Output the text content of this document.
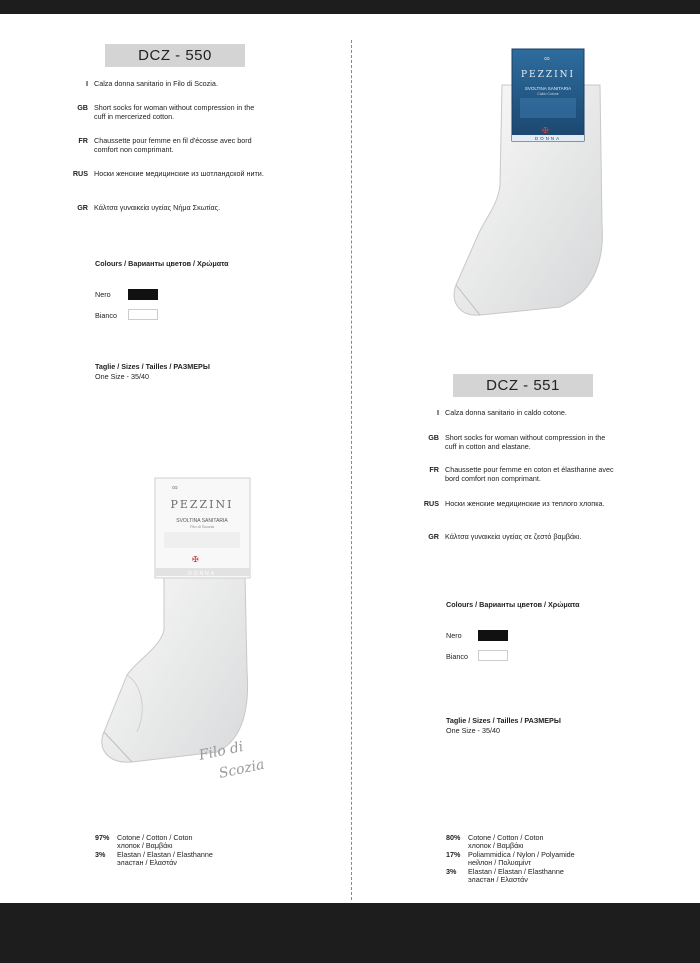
DCZ - 550
I Calza donna sanitario in Filo di Scozia.
GB Short socks for woman without compression in the cuff in mercerized cotton.
FR Chaussette pour femme en fil d'écosse avec bord comfort non comprimant.
RUS Носки женские медицинские из шотландской нити.
GR Κάλτσα γυναικεία υγείας Νήμα Σκωτίας.
Colours / Варианты цветов / Χρώματα
Nero
Bianco
Taglie / Sizes / Tailles / РАЗМЕРЫ
One Size - 35/40
∞
PEZZINI
SVOLTINA SANITARIA
Filo di Scozia
✠
DONNA
Filo di
Scozia
97% Cotone / Cotton / Coton
хлопок / Βαμβάκι
3% Elastan / Elastan / Elasthanne
эластан / Ελαστάν
∞
PEZZINI
SVOLTINA SANITARIA
Caldo Cotone
✠
DONNA
DCZ - 551
I Calza donna sanitario in caldo cotone.
GB Short socks for woman without compression in the cuff in cotton and elastane.
FR Chaussette pour femme en coton et élasthanne avec bord comfort non comprimant.
RUS Носки женские медицинские из теплого хлопка.
GR Κάλτσα γυναικεία υγείας σε ζεστό βαμβάκι.
Colours / Варианты цветов / Χρώματα
Nero
Bianco
Taglie / Sizes / Tailles / РАЗМЕРЫ
One Size - 35/40
80% Cotone / Cotton / Coton
хлопок / Βαμβάκι
17% Poliammidica / Nylon / Polyamide
нейлон / Πολυαμίντ
3% Elastan / Elastan / Elasthanne
эластан / Ελαστάν
